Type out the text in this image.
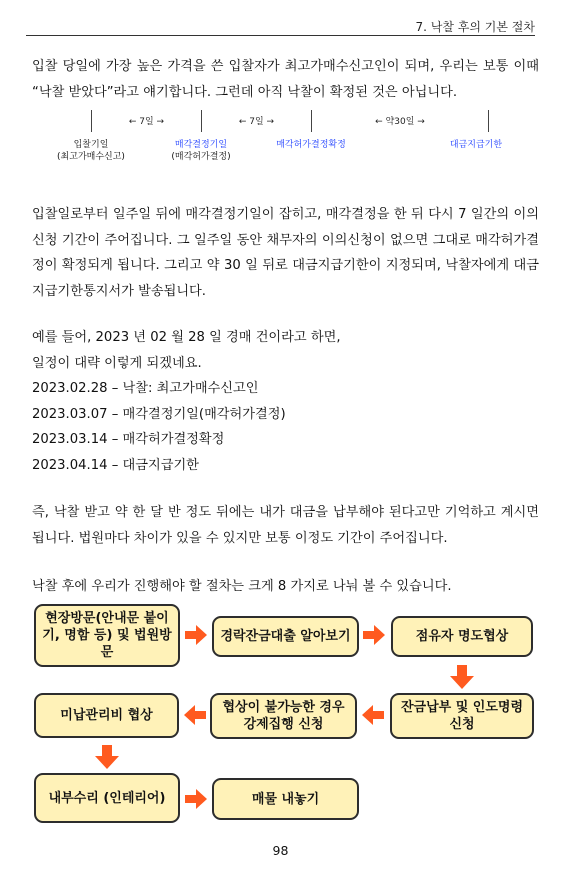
7. 낙찰 후의 기본 절차
입찰 당일에 가장 높은 가격을 쓴 입찰자가 최고가매수신고인이 되며, 우리는 보통 이때 “낙찰 받았다”라고 얘기합니다. 그런데 아직 낙찰이 확정된 것은 아닙니다.
← 7일 →	← 7일 →	← 약30일 →
입찰기일
(최고가매수신고)
매각결정기일
(매각허가결정)
매각허가결정확정	대금지급기한
입찰일로부터 일주일 뒤에 매각결정기일이 잡히고, 매각결정을 한 뒤 다시 7 일간의 이의신청 기간이 주어집니다. 그 일주일 동안 채무자의 이의신청이 없으면 그대로 매각허가결정이 확정되게 됩니다. 그리고 약 30 일 뒤로 대금지급기한이 지정되며, 낙찰자에게 대금지급기한통지서가 발송됩니다.
예를 들어, 2023 년 02 월 28 일 경매 건이라고 하면,
일정이 대략 이렇게 되겠네요.
2023.02.28 – 낙찰: 최고가매수신고인
2023.03.07 – 매각결정기일(매각허가결정)
2023.03.14 – 매각허가결정확정
2023.04.14 – 대금지급기한
즉, 낙찰 받고 약 한 달 반 정도 뒤에는 내가 대금을 납부해야 된다고만 기억하고 계시면 됩니다. 법원마다 차이가 있을 수 있지만 보통 이정도 기간이 주어집니다.
낙찰 후에 우리가 진행해야 할 절차는 크게 8 가지로 나눠 볼 수 있습니다.
현장방문(안내문 붙이기, 명함 등) 및 법원방문
경락잔금대출 알아보기	점유자 명도협상
잔금납부 및 인도명령 신청
협상이 불가능한 경우 강제집행 신청
미납관리비 협상
내부수리 (인테리어)	매물 내놓기
98
